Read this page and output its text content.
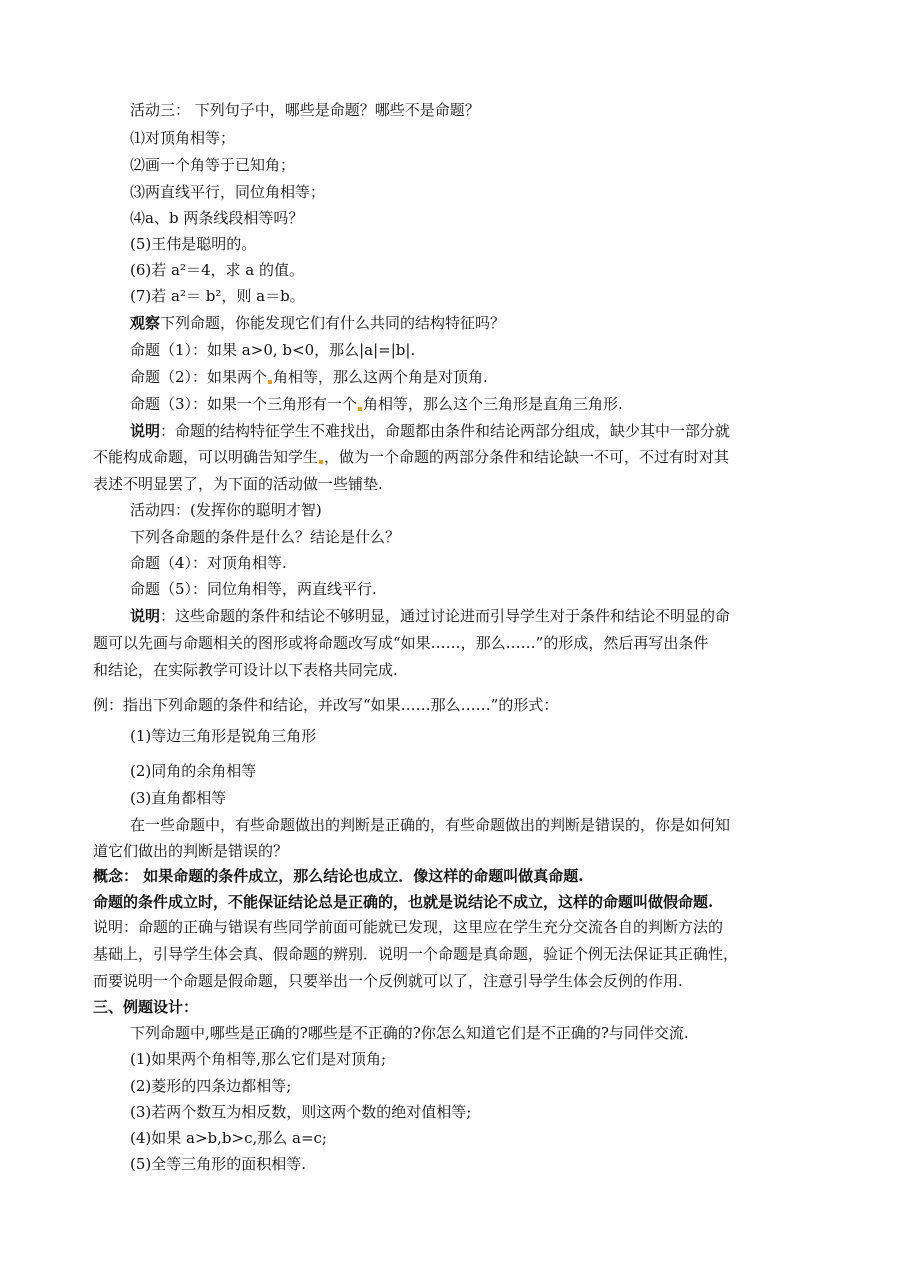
活动三： 下列句子中，哪些是命题？哪些不是命题？
⑴对顶角相等；
⑵画一个角等于已知角；
⑶两直线平行，同位角相等；
⑷a、b 两条线段相等吗？
(5)王伟是聪明的。
(6)若 a²＝4，求 a 的值。
(7)若 a²＝ b²，则 a＝b。
观察下列命题，你能发现它们有什么共同的结构特征吗？
命题（1）：如果 a>0, b<0，那么|a|=|b|.
命题（2）：如果两个 角相等，那么这两个角是对顶角.
命题（3）：如果一个三角形有一个 角相等，那么这个三角形是直角三角形.
说明：命题的结构特征学生不难找出，命题都由条件和结论两部分组成，缺少其中一部分就
不能构成命题，可以明确告知学生 ，做为一个命题的两部分条件和结论缺一不可，不过有时对其
表述不明显罢了，为下面的活动做一些铺垫.
活动四：(发挥你的聪明才智)
下列各命题的条件是什么？结论是什么？
命题（4）：对顶角相等.
命题（5）：同位角相等，两直线平行.
说明：这些命题的条件和结论不够明显，通过讨论进而引导学生对于条件和结论不明显的命
题可以先画与命题相关的图形或将命题改写成“如果……，那么……”的形成，然后再写出条件
和结论，在实际教学可设计以下表格共同完成.
例：指出下列命题的条件和结论，并改写“如果……那么……”的形式：
(1)等边三角形是锐角三角形
(2)同角的余角相等
(3)直角都相等
在一些命题中，有些命题做出的判断是正确的，有些命题做出的判断是错误的，你是如何知
道它们做出的判断是错误的？
概念： 如果命题的条件成立，那么结论也成立．像这样的命题叫做真命题.
命题的条件成立时，不能保证结论总是正确的，也就是说结论不成立，这样的命题叫做假命题.
说明：命题的正确与错误有些同学前面可能就已发现，这里应在学生充分交流各自的判断方法的
基础上，引导学生体会真、假命题的辨别．说明一个命题是真命题，验证个例无法保证其正确性，
而要说明一个命题是假命题，只要举出一个反例就可以了，注意引导学生体会反例的作用.
三、例题设计：
下列命题中,哪些是正确的?哪些是不正确的?你怎么知道它们是不正确的?与同伴交流.
(1)如果两个角相等,那么它们是对顶角;
(2)菱形的四条边都相等;
(3)若两个数互为相反数，则这两个数的绝对值相等;
(4)如果 a>b,b>c,那么 a=c;
(5)全等三角形的面积相等.
